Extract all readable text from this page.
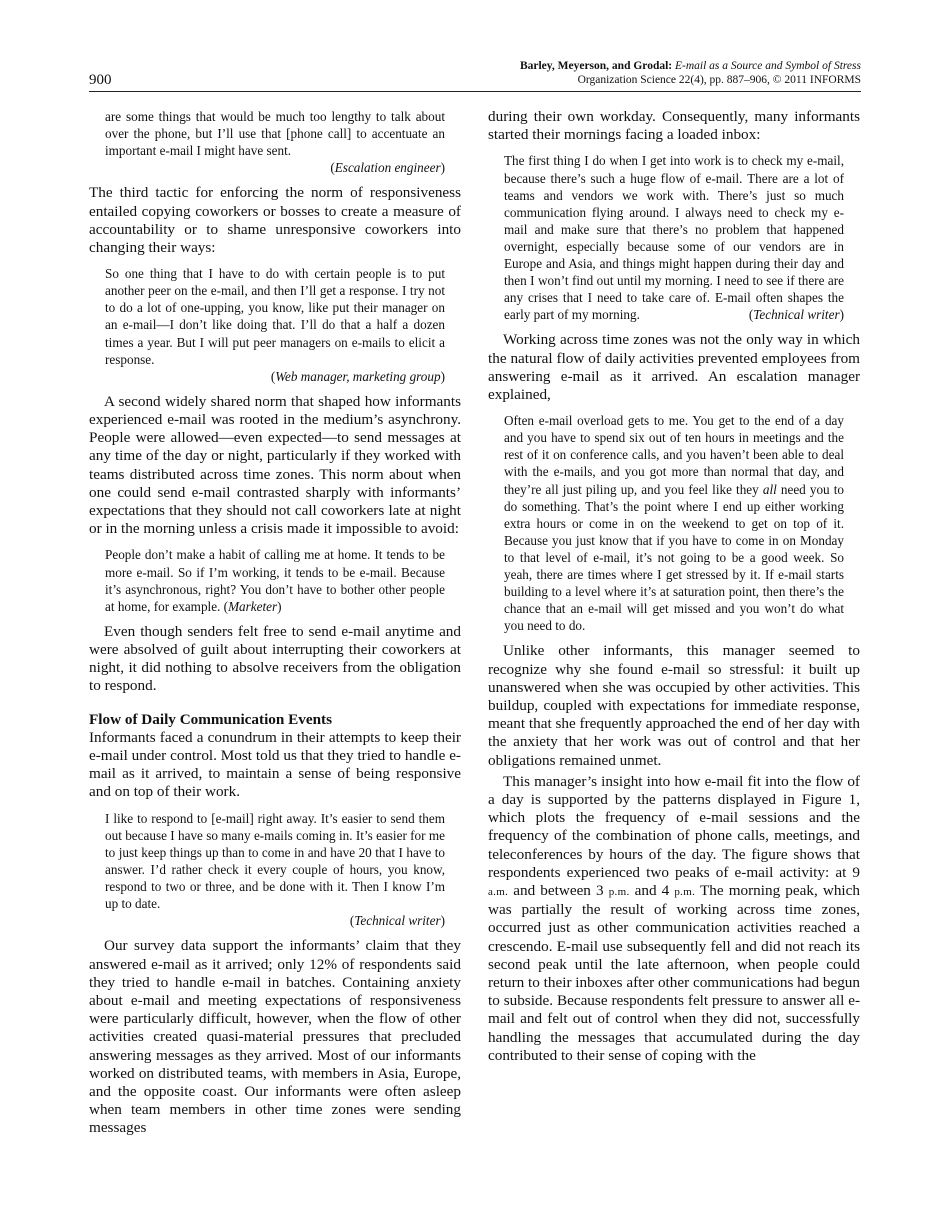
900
Barley, Meyerson, and Grodal: E-mail as a Source and Symbol of Stress
Organization Science 22(4), pp. 887–906, © 2011 INFORMS
are some things that would be much too lengthy to talk about over the phone, but I’ll use that [phone call] to accentuate an important e-mail I might have sent.
(Escalation engineer)

The third tactic for enforcing the norm of responsiveness entailed copying coworkers or bosses to create a measure of accountability or to shame unresponsive coworkers into changing their ways:

So one thing that I have to do with certain people is to put another peer on the e-mail, and then I’ll get a response. I try not to do a lot of one-upping, you know, like put their manager on an e-mail—I don’t like doing that. I’ll do that a half a dozen times a year. But I will put peer managers on e-mails to elicit a response.
(Web manager, marketing group)

A second widely shared norm that shaped how informants experienced e-mail was rooted in the medium’s asynchrony. People were allowed—even expected—to send messages at any time of the day or night, particularly if they worked with teams distributed across time zones. This norm about when one could send e-mail contrasted sharply with informants’ expectations that they should not call coworkers late at night or in the morning unless a crisis made it impossible to avoid:

People don’t make a habit of calling me at home. It tends to be more e-mail. So if I’m working, it tends to be e-mail. Because it’s asynchronous, right? You don’t have to bother other people at home, for example. (Marketer)

Even though senders felt free to send e-mail anytime and were absolved of guilt about interrupting their coworkers at night, it did nothing to absolve receivers from the obligation to respond.

Flow of Daily Communication Events

Informants faced a conundrum in their attempts to keep their e-mail under control. Most told us that they tried to handle e-mail as it arrived, to maintain a sense of being responsive and on top of their work.

I like to respond to [e-mail] right away. It’s easier to send them out because I have so many e-mails coming in. It’s easier for me to just keep things up than to come in and have 20 that I have to answer. I’d rather check it every couple of hours, you know, respond to two or three, and be done with it. Then I know I’m up to date.
(Technical writer)

Our survey data support the informants’ claim that they answered e-mail as it arrived; only 12% of respondents said they tried to handle e-mail in batches. Containing anxiety about e-mail and meeting expectations of responsiveness were particularly difficult, however, when the flow of other activities created quasi-material pressures that precluded answering messages as they arrived. Most of our informants worked on distributed teams, with members in Asia, Europe, and the opposite coast. Our informants were often asleep when team members in other time zones were sending messages

during their own workday. Consequently, many informants started their mornings facing a loaded inbox:

The first thing I do when I get into work is to check my e-mail, because there’s such a huge flow of e-mail. There are a lot of teams and vendors we work with. There’s just so much communication flying around. I always need to check my e-mail and make sure that there’s no problem that happened overnight, especially because some of our vendors are in Europe and Asia, and things might happen during their day and then I won’t find out until my morning. I need to see if there are any crises that I need to take care of. E-mail often shapes the early part of my morning.	(Technical writer)

Working across time zones was not the only way in which the natural flow of daily activities prevented employees from answering e-mail as it arrived. An escalation manager explained,

Often e-mail overload gets to me. You get to the end of a day and you have to spend six out of ten hours in meetings and the rest of it on conference calls, and you haven’t been able to deal with the e-mails, and you got more than normal that day, and they’re all just piling up, and you feel like they all need you to do something. That’s the point where I end up either working extra hours or come in on the weekend to get on top of it. Because you just know that if you have to come in on Monday to that level of e-mail, it’s not going to be a good week. So yeah, there are times where I get stressed by it. If e-mail starts building to a level where it’s at saturation point, then there’s the chance that an e-mail will get missed and you won’t do what you need to do.

Unlike other informants, this manager seemed to recognize why she found e-mail so stressful: it built up unanswered when she was occupied by other activities. This buildup, coupled with expectations for immediate response, meant that she frequently approached the end of her day with the anxiety that her work was out of control and that her obligations remained unmet.

This manager’s insight into how e-mail fit into the flow of a day is supported by the patterns displayed in Figure 1, which plots the frequency of e-mail sessions and the frequency of the combination of phone calls, meetings, and teleconferences by hours of the day. The figure shows that respondents experienced two peaks of e-mail activity: at 9 a.m. and between 3 p.m. and 4 p.m. The morning peak, which was partially the result of working across time zones, occurred just as other communication activities reached a crescendo. E-mail use subsequently fell and did not reach its second peak until the late afternoon, when people could return to their inboxes after other communications had begun to subside. Because respondents felt pressure to answer all e-mail and felt out of control when they did not, successfully handling the messages that accumulated during the day contributed to their sense of coping with the
